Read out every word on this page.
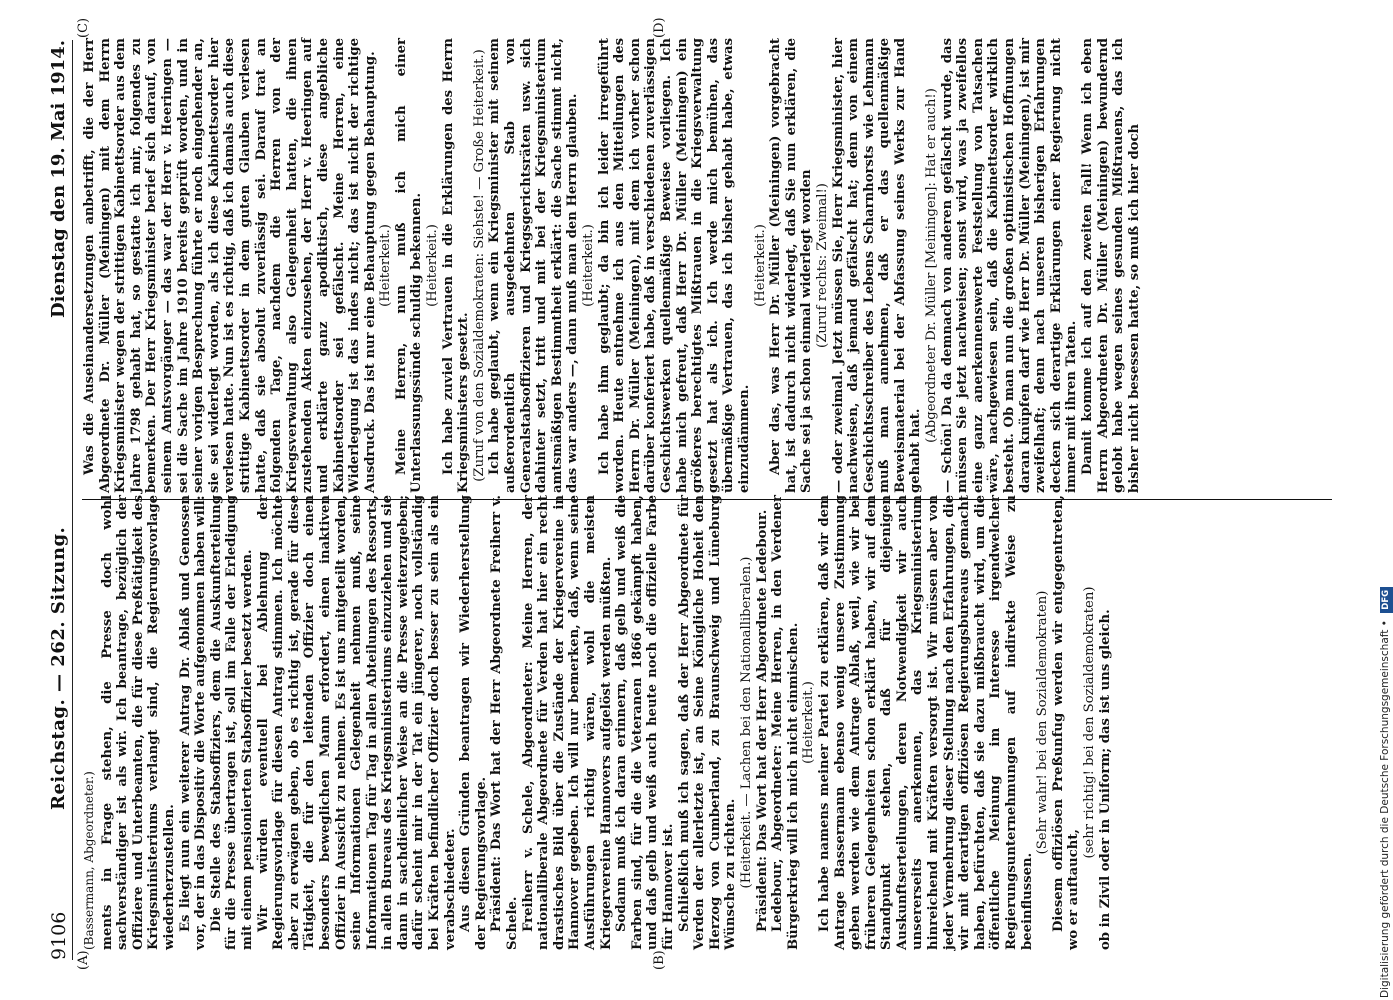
9106
Reichstag. — 262. Sitzung.
Dienstag den 19. Mai 1914.
(A)	(B)
(C)	(D)
(Bassermann, Abgeordneter.) ments in Frage stehen, die Presse doch wohl sachverständiger ist als wir. Ich beantrage, bezüglich der Offiziere und Unterbeamten, die für diese Preßtätigkeit des Kriegsministeriums verlangt sind, die Regierungsvorlage wiederherzustellen. Es liegt nun ein weiterer Antrag Dr. Ablaß und Genossen vor, der in das Dispositiv die Worte aufgenommen haben will: Die Stelle des Stabsoffiziers, dem die Auskunfterteilung für die Presse übertragen ist, soll im Falle der Erledigung mit einem pensionierten Stabsoffizier besetzt werden. Wir würden eventuell bei Ablehnung der Regierungsvorlage für diesen Antrag stimmen. Ich möchte aber zu erwägen geben, ob es richtig ist, gerade für diese Tätigkeit, die für den leitenden Offizier doch einen besonders beweglichen Mann erfordert, einen inaktiven Offizier in Aussicht zu nehmen. Es ist uns mitgeteilt worden, seine Informationen Gelegenheit nehmen muß, seine Informationen Tag für Tag in allen Abteilungen des Ressorts, in allen Bureaus des Kriegsministeriums einzuziehen und sie dann in sachdienlicher Weise an die Presse weiterzugeben; dafür scheint mir in der Tat ein jüngerer, noch vollständig bei Kräften befindlicher Offizier doch besser zu sein als ein verabschiedeter. Aus diesen Gründen beantragen wir Wiederherstellung der Regierungsvorlage. Präsident: Das Wort hat der Herr Abgeordnete Freiherr v. Schele. Freiherr v. Schele, Abgeordneter: Meine Herren, der nationalliberale Abgeordnete für Verden hat hier ein recht drastisches Bild über die Zustände der Kriegervereine in Hannover gegeben. Ich will nur bemerken, daß, wenn seine Ausführungen richtig wären, wohl die meisten Kriegervereine Hannovers aufgelöst werden müßten. Sodann muß ich daran erinnern, daß gelb und weiß die Farben sind, für die die Veteranen 1866 gekämpft haben, und daß gelb und weiß auch heute noch die offizielle Farbe für Hannover ist. Schließlich muß ich sagen, daß der Herr Abgeordnete für Verden der allerletzte ist, an Seine Königliche Hoheit den Herzog von Cumberland, zu Braunschweig und Lüneburg Wünsche zu richten. (Heiterkeit. — Lachen bei den Nationalliberalen.) Präsident: Das Wort hat der Herr Abgeordnete Ledebour. Ledebour, Abgeordneter: Meine Herren, in den Verdener Bürgerkrieg will ich mich nicht einmischen. (Heiterkeit.) Ich habe namens meiner Partei zu erklären, daß wir dem Antrage Bassermann ebenso wenig unsere Zustimmung geben werden wie dem Antrage Ablaß, weil, wie wir bei früheren Gelegenheiten schon erklärt haben, wir auf dem Standpunkt stehen, daß für diejenigen Auskunftserteilungen, deren Notwendigkeit wir auch unsererseits anerkennen, das Kriegsministerium hinreichend mit Kräften versorgt ist. Wir müssen aber von jeder Vermehrung dieser Stellung nach den Erfahrungen, die wir mit derartigen offiziösen Regierungsbureaus gemacht haben, befürchten, daß sie dazu mißbraucht wird, um die öffentliche Meinung im Interesse irgendwelcher Regierungsunternehmungen auf indirekte Weise zu beeinflussen.

(Sehr wahr! bei den Sozialdemokraten) Diesem offiziösen Preßunfug werden wir entgegentreten, wo er auftaucht,

(sehr richtig! bei den Sozialdemokraten) ob in Zivil oder in Uniform; das ist uns gleich.

Was die Auseinandersetzungen anbetrifft, die der Herr Abgeordnete Dr. Müller (Meiningen) mit dem Herrn Kriegsminister wegen der strittigen Kabinettsorder aus dem Jahre 1798 gehabt hat, so gestatte ich mir, folgendes zu bemerken. Der Herr Kriegsminister berief sich darauf, von seinem Amtsvorgänger — das war der Herr v. Heeringen — sei die Sache im Jahre 1910 bereits geprüft worden, und in seiner vorigen Besprechung führte er noch eingehender an, sie sei widerlegt worden, als ich diese Kabinettsorder hier verlesen hatte. Nun ist es richtig, daß ich damals auch diese strittige Kabinettsorder in dem guten Glauben verlesen hatte, daß sie absolut zuverlässig sei. Darauf trat an folgenden Tage, nachdem die Herren von der Kriegsverwaltung also Gelegenheit hatten, die ihnen zustehenden Akten einzusehen, der Herr v. Heeringen auf und erklärte ganz apodiktisch, diese angebliche Kabinettsorder sei gefälscht. Meine Herren, eine Widerlegung ist das indes nicht; das ist nicht der richtige Ausdruck. Das ist nur eine Behauptung gegen Behauptung. (Heiterkeit.) Meine Herren, nun muß ich mich einer Unterlassungssünde schuldig bekennen. (Heiterkeit.) Ich habe zuviel Vertrauen in die Erklärungen des Herrn Kriegsministers gesetzt. (Zuruf von den Sozialdemokraten: Siehste! — Große Heiterkeit.) Ich habe geglaubt, wenn ein Kriegsminister mit seinem außerordentlich ausgedehnten Stab von Generalstabsoffizieren und Kriegsgerichtsräten usw. sich dahinter setzt, tritt und mit bei der Kriegsministerium amtsmäßigen Bestimmtheit erklärt: die Sache stimmt nicht, das war anders —, dann muß man den Herrn glauben. (Heiterkeit.) Ich habe ihm geglaubt; da bin ich leider irregeführt worden. Heute entnehme ich aus den Mitteilungen des Herrn Dr. Müller (Meiningen), mit dem ich vorher schon darüber konferiert habe, daß in verschiedenen zuverlässigen Geschichtswerken quellenmäßige Beweise vorliegen. Ich habe mich gefreut, daß Herr Dr. Müller (Meiningen) ein größeres berechtigtes Mißtrauen in die Kriegsverwaltung gesetzt hat als ich. Ich werde mich bemühen, das übermäßige Vertrauen, das ich bisher gehabt habe, etwas einzudämmen.

(Heiterkeit.) Aber das, was Herr Dr. Müller (Meiningen) vorgebracht hat, ist dadurch nicht widerlegt, daß Sie nun erklären, die Sache sei ja schon einmal widerlegt worden (Zuruf rechts: Zweimal!) — oder zweimal. Jetzt müssen Sie, Herr Kriegsminister, hier nachweisen, daß jemand gefälscht hat; denn von einem Geschichtsschreiber des Lebens Scharnhorsts wie Lehmann muß man annehmen, daß er das quellenmäßige Beweismaterial bei der Abfassung seines Werks zur Hand gehabt hat.

(Abgeordneter Dr. Müller [Meiningen]: Hat er auch!) — Schön! Da da demnach von anderen gefälscht wurde, das müssen Sie jetzt nachweisen; sonst wird, was ja zweifellos eine ganz anerkennenswerte Feststellung von Tatsachen wäre, nachgewiesen sein, daß die Kabinettsorder wirklich besteht. Ob man nun die großen optimistischen Hoffnungen daran knüpfen darf wie Herr Dr. Müller (Meiningen), ist mir zweifelhaft; denn nach unseren bisherigen Erfahrungen decken sich derartige Erklärungen einer Regierung nicht immer mit ihren Taten. Damit komme ich auf den zweiten Fall! Wenn ich eben Herrn Abgeordneten Dr. Müller (Meiningen) bewundernd gelobt habe wegen seines gesunden Mißtrauens, das ich bisher nicht besessen hatte, so muß ich hier doch

Digitalisierung gefördert durch die Deutsche Forschungsgemeinschaft • DFG
